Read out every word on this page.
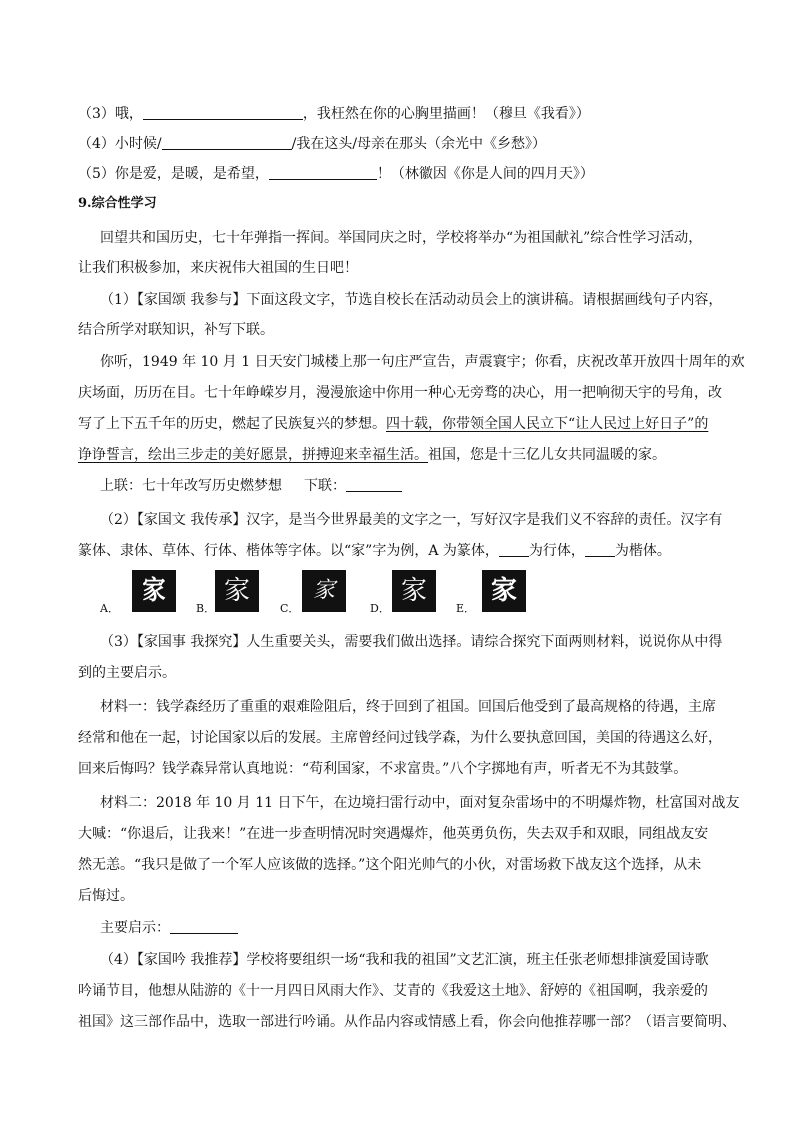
（3）哦，	，我枉然在你的心胸里描画！（穆旦《我看》）
（4）小时候/	/我在这头/母亲在那头（余光中《乡愁》）
（5）你是爱，是暖，是希望，	！（林徽因《你是人间的四月天》）
9.综合性学习
回望共和国历史，七十年弹指一挥间。举国同庆之时，学校将举办“为祖国献礼”综合性学习活动，
让我们积极参加，来庆祝伟大祖国的生日吧！
（1）【家国颂 我参与】下面这段文字，节选自校长在活动动员会上的演讲稿。请根据画线句子内容，
结合所学对联知识，补写下联。
你听，1949 年 10 月 1 日天安门城楼上那一句庄严宣告，声震寰宇；你看，庆祝改革开放四十周年的欢
庆场面，历历在目。七十年峥嵘岁月，漫漫旅途中你用一种心无旁骛的决心，用一把响彻天宇的号角，改
写了上下五千年的历史，燃起了民族复兴的梦想。四十载，你带领全国人民立下“让人民过上好日子”的
诤诤誓言，绘出三步走的美好愿景，拼搏迎来幸福生活。祖国，您是十三亿儿女共同温暖的家。
上联：七十年改写历史燃梦想 下联：
（2）【家国文 我传承】汉字，是当今世界最美的文字之一，写好汉字是我们义不容辞的责任。汉字有
篆体、隶体、草体、行体、楷体等字体。以“家”字为例，A 为篆体， 为行体， 为楷体。
A．
家
B．
家
C．
家
D．
家
E．
家
（3）【家国事 我探究】人生重要关头，需要我们做出选择。请综合探究下面两则材料，说说你从中得
到的主要启示。
材料一：钱学森经历了重重的艰难险阻后，终于回到了祖国。回国后他受到了最高规格的待遇，主席
经常和他在一起，讨论国家以后的发展。主席曾经问过钱学森，为什么要执意回国，美国的待遇这么好，
回来后悔吗？钱学森异常认真地说：“苟利国家，不求富贵。”八个字掷地有声，听者无不为其鼓掌。
材料二：2018 年 10 月 11 日下午，在边境扫雷行动中，面对复杂雷场中的不明爆炸物，杜富国对战友
大喊：“你退后，让我来！”在进一步查明情况时突遇爆炸，他英勇负伤，失去双手和双眼，同组战友安
然无恙。“我只是做了一个军人应该做的选择。”这个阳光帅气的小伙，对雷场救下战友这个选择，从未
后悔过。
主要启示：
（4）【家国吟 我推荐】学校将要组织一场“我和我的祖国”文艺汇演，班主任张老师想排演爱国诗歌
吟诵节目，他想从陆游的《十一月四日风雨大作》、艾青的《我爱这土地》、舒婷的《祖国啊，我亲爱的
祖国》这三部作品中，选取一部进行吟诵。从作品内容或情感上看，你会向他推荐哪一部？（语言要简明、
